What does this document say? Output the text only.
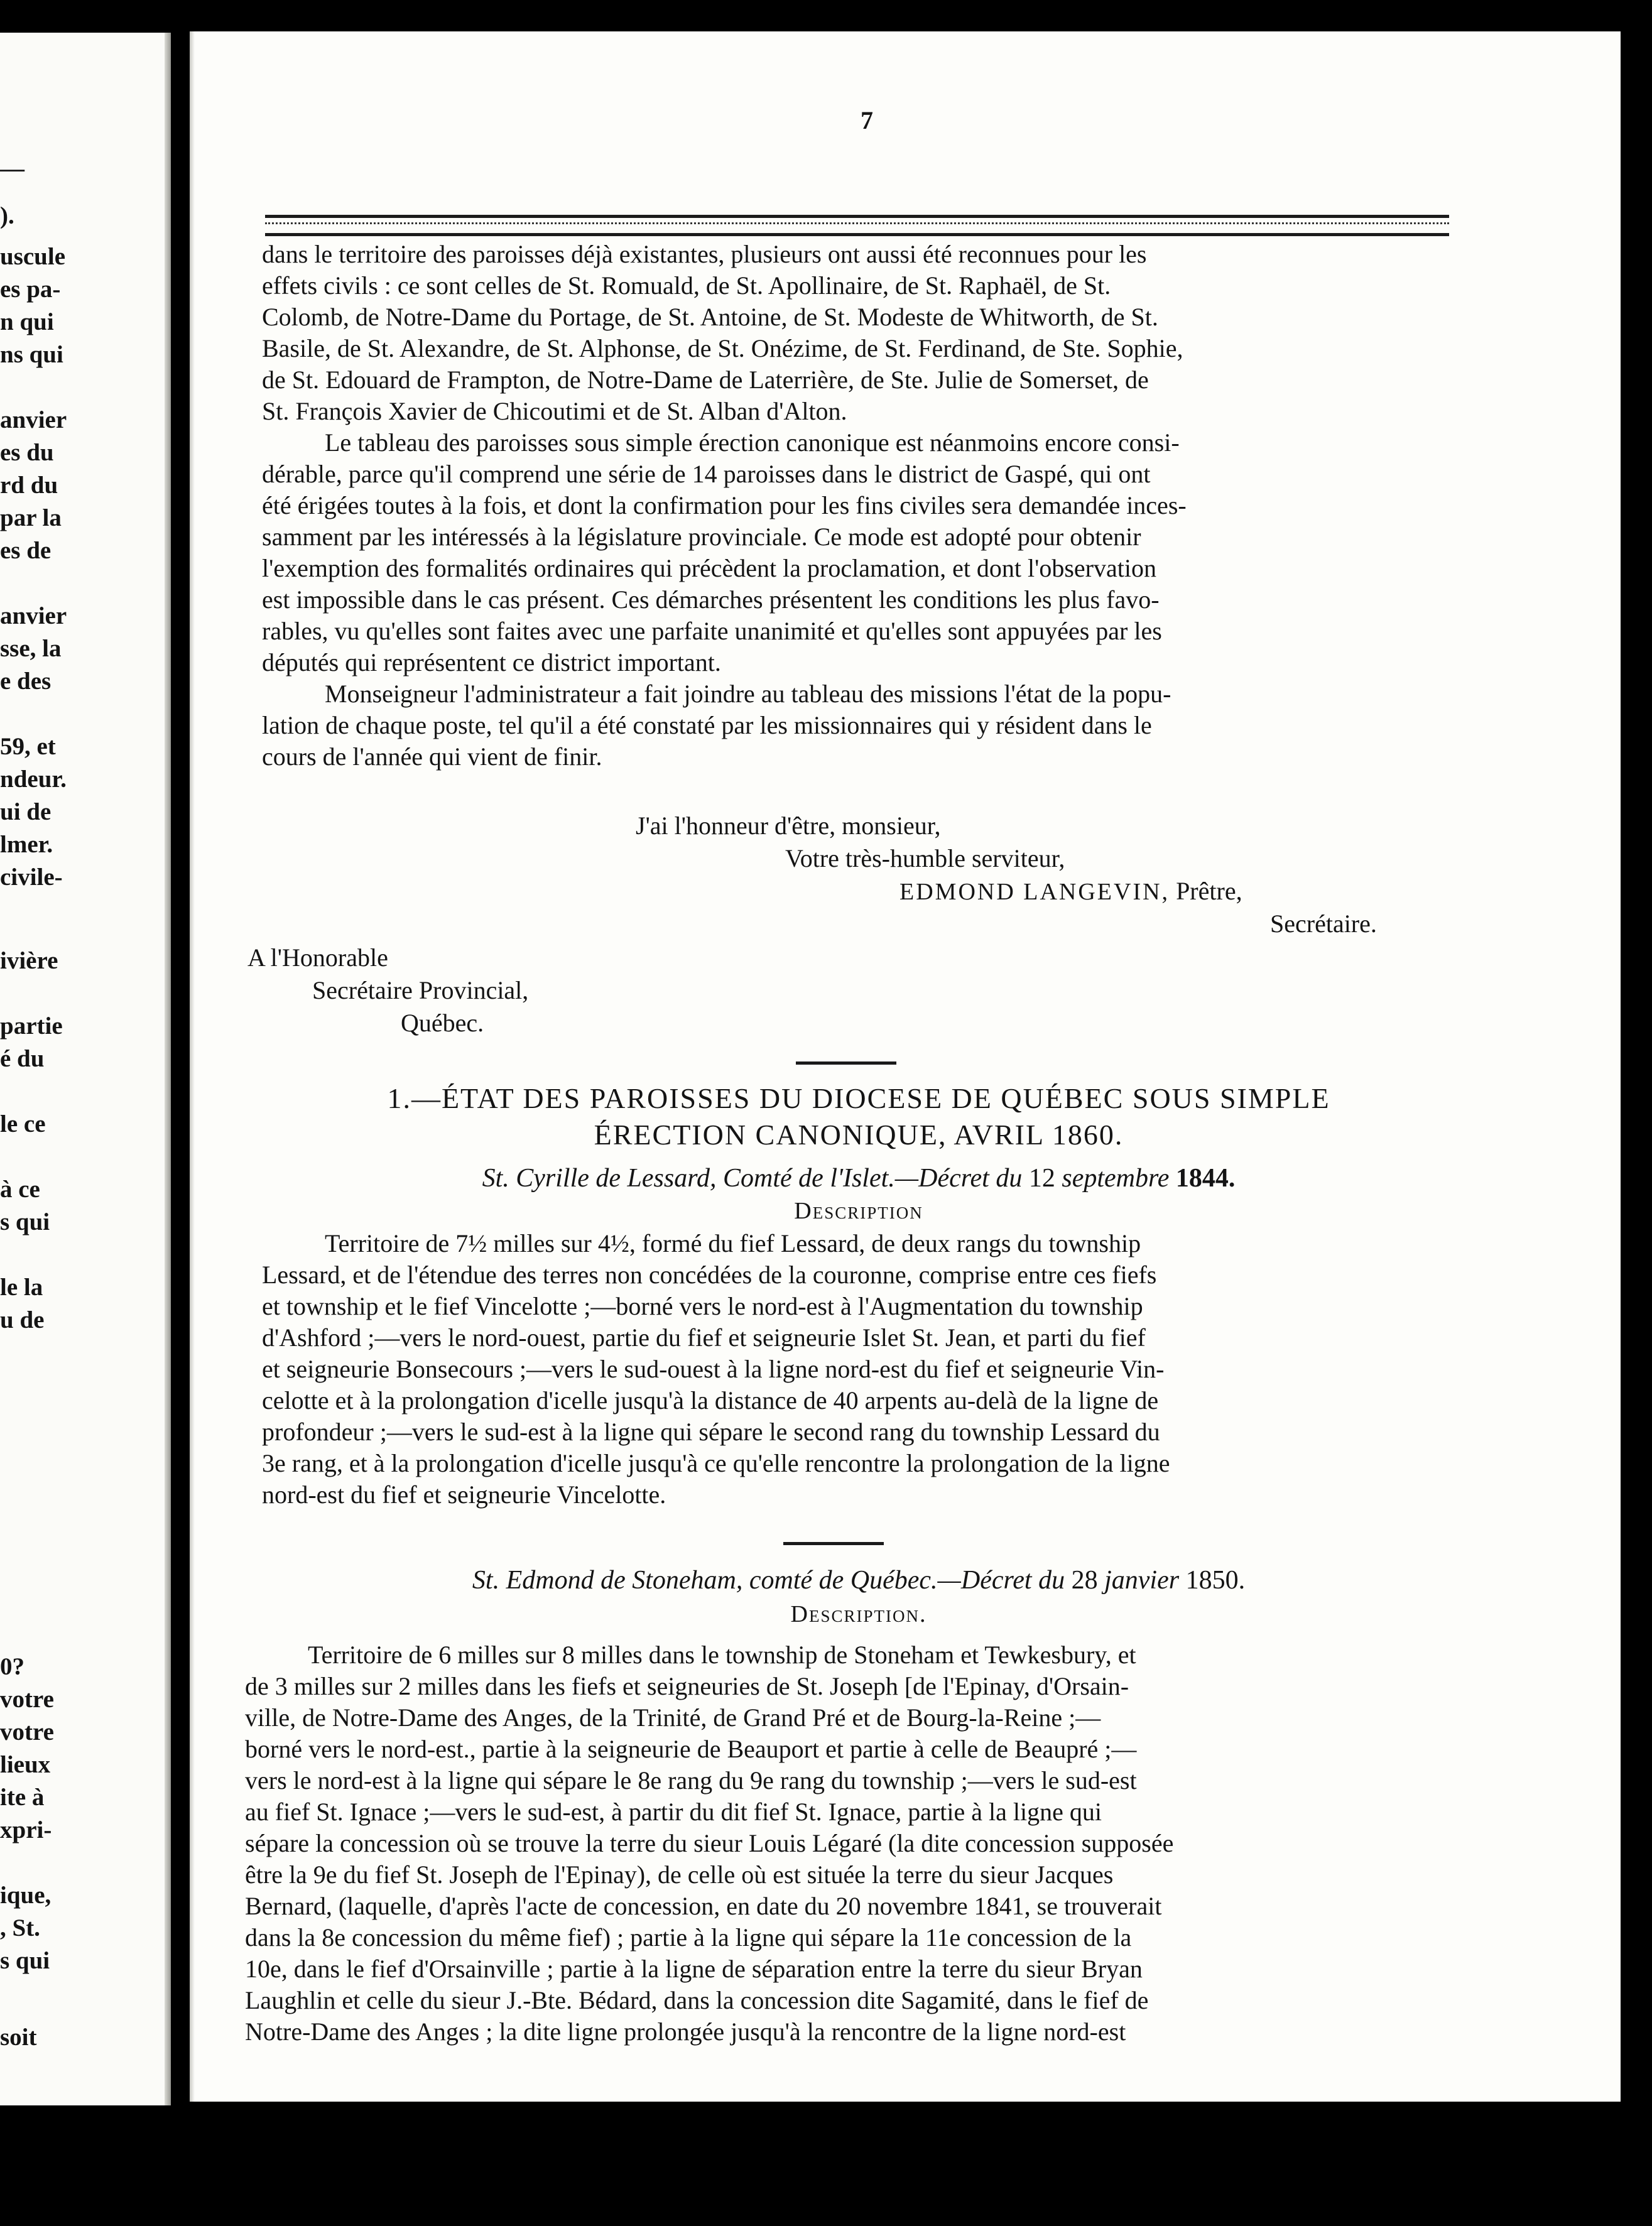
—
).
uscule
es pa-
n qui
ns qui
anvier
es du
rd du
par la
es de
anvier
sse, la
e des
59, et
ndeur.
ui de
lmer.
civile-
ivière
partie
é du
le ce
à ce
s qui
le la
u de
0?
votre
votre
lieux
ite à
xpri-
ique,
, St.
s qui
soit
7

dans le territoire des paroisses déjà existantes, plusieurs ont aussi été reconnues pour les
effets civils : ce sont celles de St. Romuald, de St. Apollinaire, de St. Raphaël, de St.
Colomb, de Notre-Dame du Portage, de St. Antoine, de St. Modeste de Whitworth, de St.
Basile, de St. Alexandre, de St. Alphonse, de St. Onézime, de St. Ferdinand, de Ste. Sophie,
de St. Edouard de Frampton, de Notre-Dame de Laterrière, de Ste. Julie de Somerset, de
St. François Xavier de Chicoutimi et de St. Alban d'Alton.

Le tableau des paroisses sous simple érection canonique est néanmoins encore consi-
dérable, parce qu'il comprend une série de 14 paroisses dans le district de Gaspé, qui ont
été érigées toutes à la fois, et dont la confirmation pour les fins civiles sera demandée inces-
samment par les intéressés à la législature provinciale. Ce mode est adopté pour obtenir
l'exemption des formalités ordinaires qui précèdent la proclamation, et dont l'observation
est impossible dans le cas présent. Ces démarches présentent les conditions les plus favo-
rables, vu qu'elles sont faites avec une parfaite unanimité et qu'elles sont appuyées par les
députés qui représentent ce district important.

Monseigneur l'administrateur a fait joindre au tableau des missions l'état de la popu-
lation de chaque poste, tel qu'il a été constaté par les missionnaires qui y résident dans le
cours de l'année qui vient de finir.

J'ai l'honneur d'être, monsieur,
Votre très-humble serviteur,
EDMOND LANGEVIN, Prêtre,
Secrétaire.
A l'Honorable
Secrétaire Provincial,
Québec.
1.—ÉTAT DES PAROISSES DU DIOCESE DE QUÉBEC SOUS SIMPLE
ÉRECTION CANONIQUE, AVRIL 1860.
St. Cyrille de Lessard, Comté de l'Islet.—Décret du 12 septembre 1844.
Description

Territoire de 7½ milles sur 4½, formé du fief Lessard, de deux rangs du township
Lessard, et de l'étendue des terres non concédées de la couronne, comprise entre ces fiefs
et township et le fief Vincelotte ;—borné vers le nord-est à l'Augmentation du township
d'Ashford ;—vers le nord-ouest, partie du fief et seigneurie Islet St. Jean, et parti du fief
et seigneurie Bonsecours ;—vers le sud-ouest à la ligne nord-est du fief et seigneurie Vin-
celotte et à la prolongation d'icelle jusqu'à la distance de 40 arpents au-delà de la ligne de
profondeur ;—vers le sud-est à la ligne qui sépare le second rang du township Lessard du
3e rang, et à la prolongation d'icelle jusqu'à ce qu'elle rencontre la prolongation de la ligne
nord-est du fief et seigneurie Vincelotte.

St. Edmond de Stoneham, comté de Québec.—Décret du 28 janvier 1850.
Description.

Territoire de 6 milles sur 8 milles dans le township de Stoneham et Tewkesbury, et
de 3 milles sur 2 milles dans les fiefs et seigneuries de St. Joseph [de l'Epinay, d'Orsain-
ville, de Notre-Dame des Anges, de la Trinité, de Grand Pré et de Bourg-la-Reine ;—
borné vers le nord-est., partie à la seigneurie de Beauport et partie à celle de Beaupré ;—
vers le nord-est à la ligne qui sépare le 8e rang du 9e rang du township ;—vers le sud-est
au fief St. Ignace ;—vers le sud-est, à partir du dit fief St. Ignace, partie à la ligne qui
sépare la concession où se trouve la terre du sieur Louis Légaré (la dite concession supposée
être la 9e du fief St. Joseph de l'Epinay), de celle où est située la terre du sieur Jacques
Bernard, (laquelle, d'après l'acte de concession, en date du 20 novembre 1841, se trouverait
dans la 8e concession du même fief) ; partie à la ligne qui sépare la 11e concession de la
10e, dans le fief d'Orsainville ; partie à la ligne de séparation entre la terre du sieur Bryan
Laughlin et celle du sieur J.-Bte. Bédard, dans la concession dite Sagamité, dans le fief de
Notre-Dame des Anges ; la dite ligne prolongée jusqu'à la rencontre de la ligne nord-est
